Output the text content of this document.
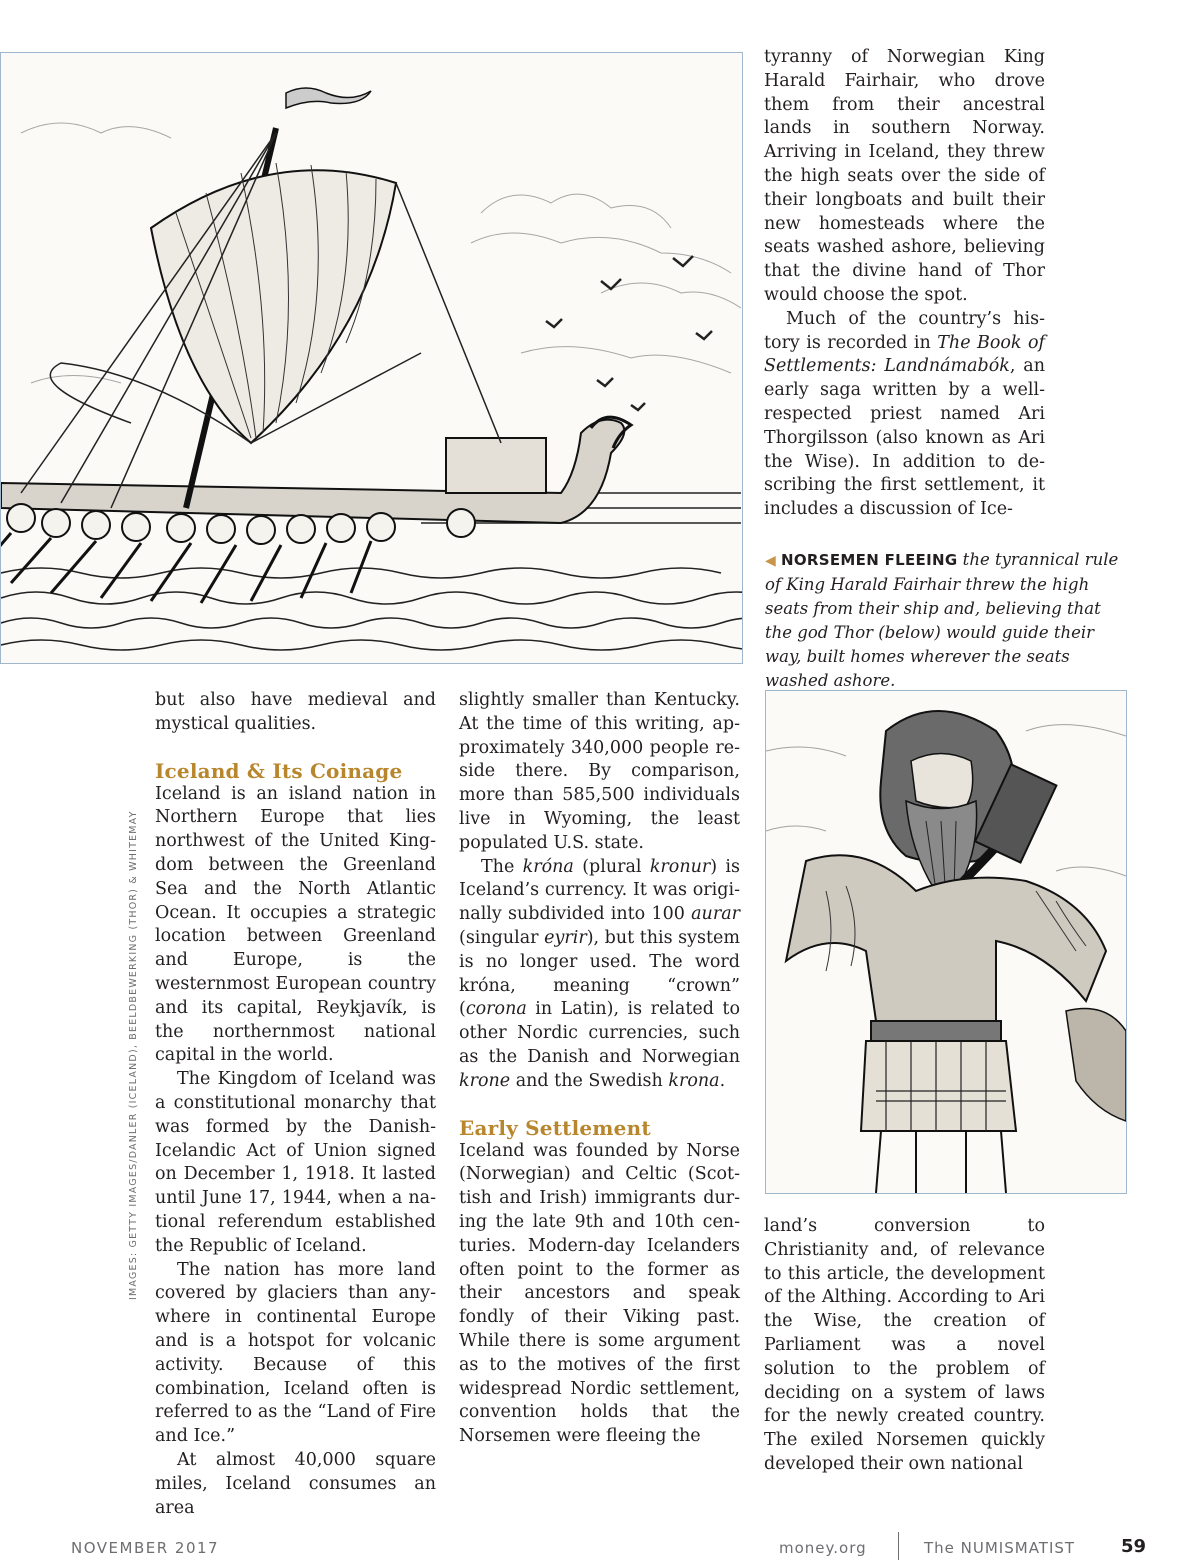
tyranny of Norwegian King Harald Fairhair, who drove them from their ancestral lands in southern Norway. Arriving in Iceland, they threw the high seats over the side of their longboats and built their new homesteads where the seats washed ashore, believing that the divine hand of Thor would choose the spot.

Much of the country’s history is recorded in The Book of Settlements: Landnámabók, an early saga written by a well-respected priest named Ari Thorgilsson (also known as Ari the Wise). In addition to describing the first settlement, it includes a discussion of Ice-

◀ NORSEMEN FLEEING the tyrannical rule of King Harald Fairhair threw the high seats from their ship and, believing that the god Thor (below) would guide their way, built homes wherever the seats washed ashore.

but also have medieval and mystical qualities.

Iceland & Its Coinage

Iceland is an island nation in Northern Europe that lies northwest of the United Kingdom between the Greenland Sea and the North Atlantic Ocean. It occupies a strategic location between Greenland and Europe, is the westernmost European country and its capital, Reykjavík, is the northernmost national capital in the world.

The Kingdom of Iceland was a constitutional monarchy that was formed by the Danish-Icelandic Act of Union signed on December 1, 1918. It lasted until June 17, 1944, when a national referendum established the Republic of Iceland.

The nation has more land covered by glaciers than anywhere in continental Europe and is a hotspot for volcanic activity. Because of this combination, Iceland often is referred to as the “Land of Fire and Ice.”

At almost 40,000 square miles, Iceland consumes an area

slightly smaller than Kentucky. At the time of this writing, approximately 340,000 people reside there. By comparison, more than 585,500 individuals live in Wyoming, the least populated U.S. state.

The króna (plural kronur) is Iceland’s currency. It was originally subdivided into 100 aurar (singular eyrir), but this system is no longer used. The word króna, meaning “crown” (corona in Latin), is related to other Nordic currencies, such as the Danish and Norwegian krone and the Swedish krona.

Early Settlement

Iceland was founded by Norse (Norwegian) and Celtic (Scottish and Irish) immigrants during the late 9th and 10th centuries. Modern-day Icelanders often point to the former as their ancestors and speak fondly of their Viking past. While there is some argument as to the motives of the first widespread Nordic settlement, convention holds that the Norsemen were fleeing the

land’s conversion to Christianity and, of relevance to this article, the development of the Althing. According to Ari the Wise, the creation of Parliament was a novel solution to the problem of deciding on a system of laws for the newly created country. The exiled Norsemen quickly developed their own national

IMAGES: GETTY IMAGES/DANLER (ICELAND), BEELDBEWERKING (THOR) & WHITEMAY
NOVEMBER 2017	money.org	The NUMISMATIST	59
